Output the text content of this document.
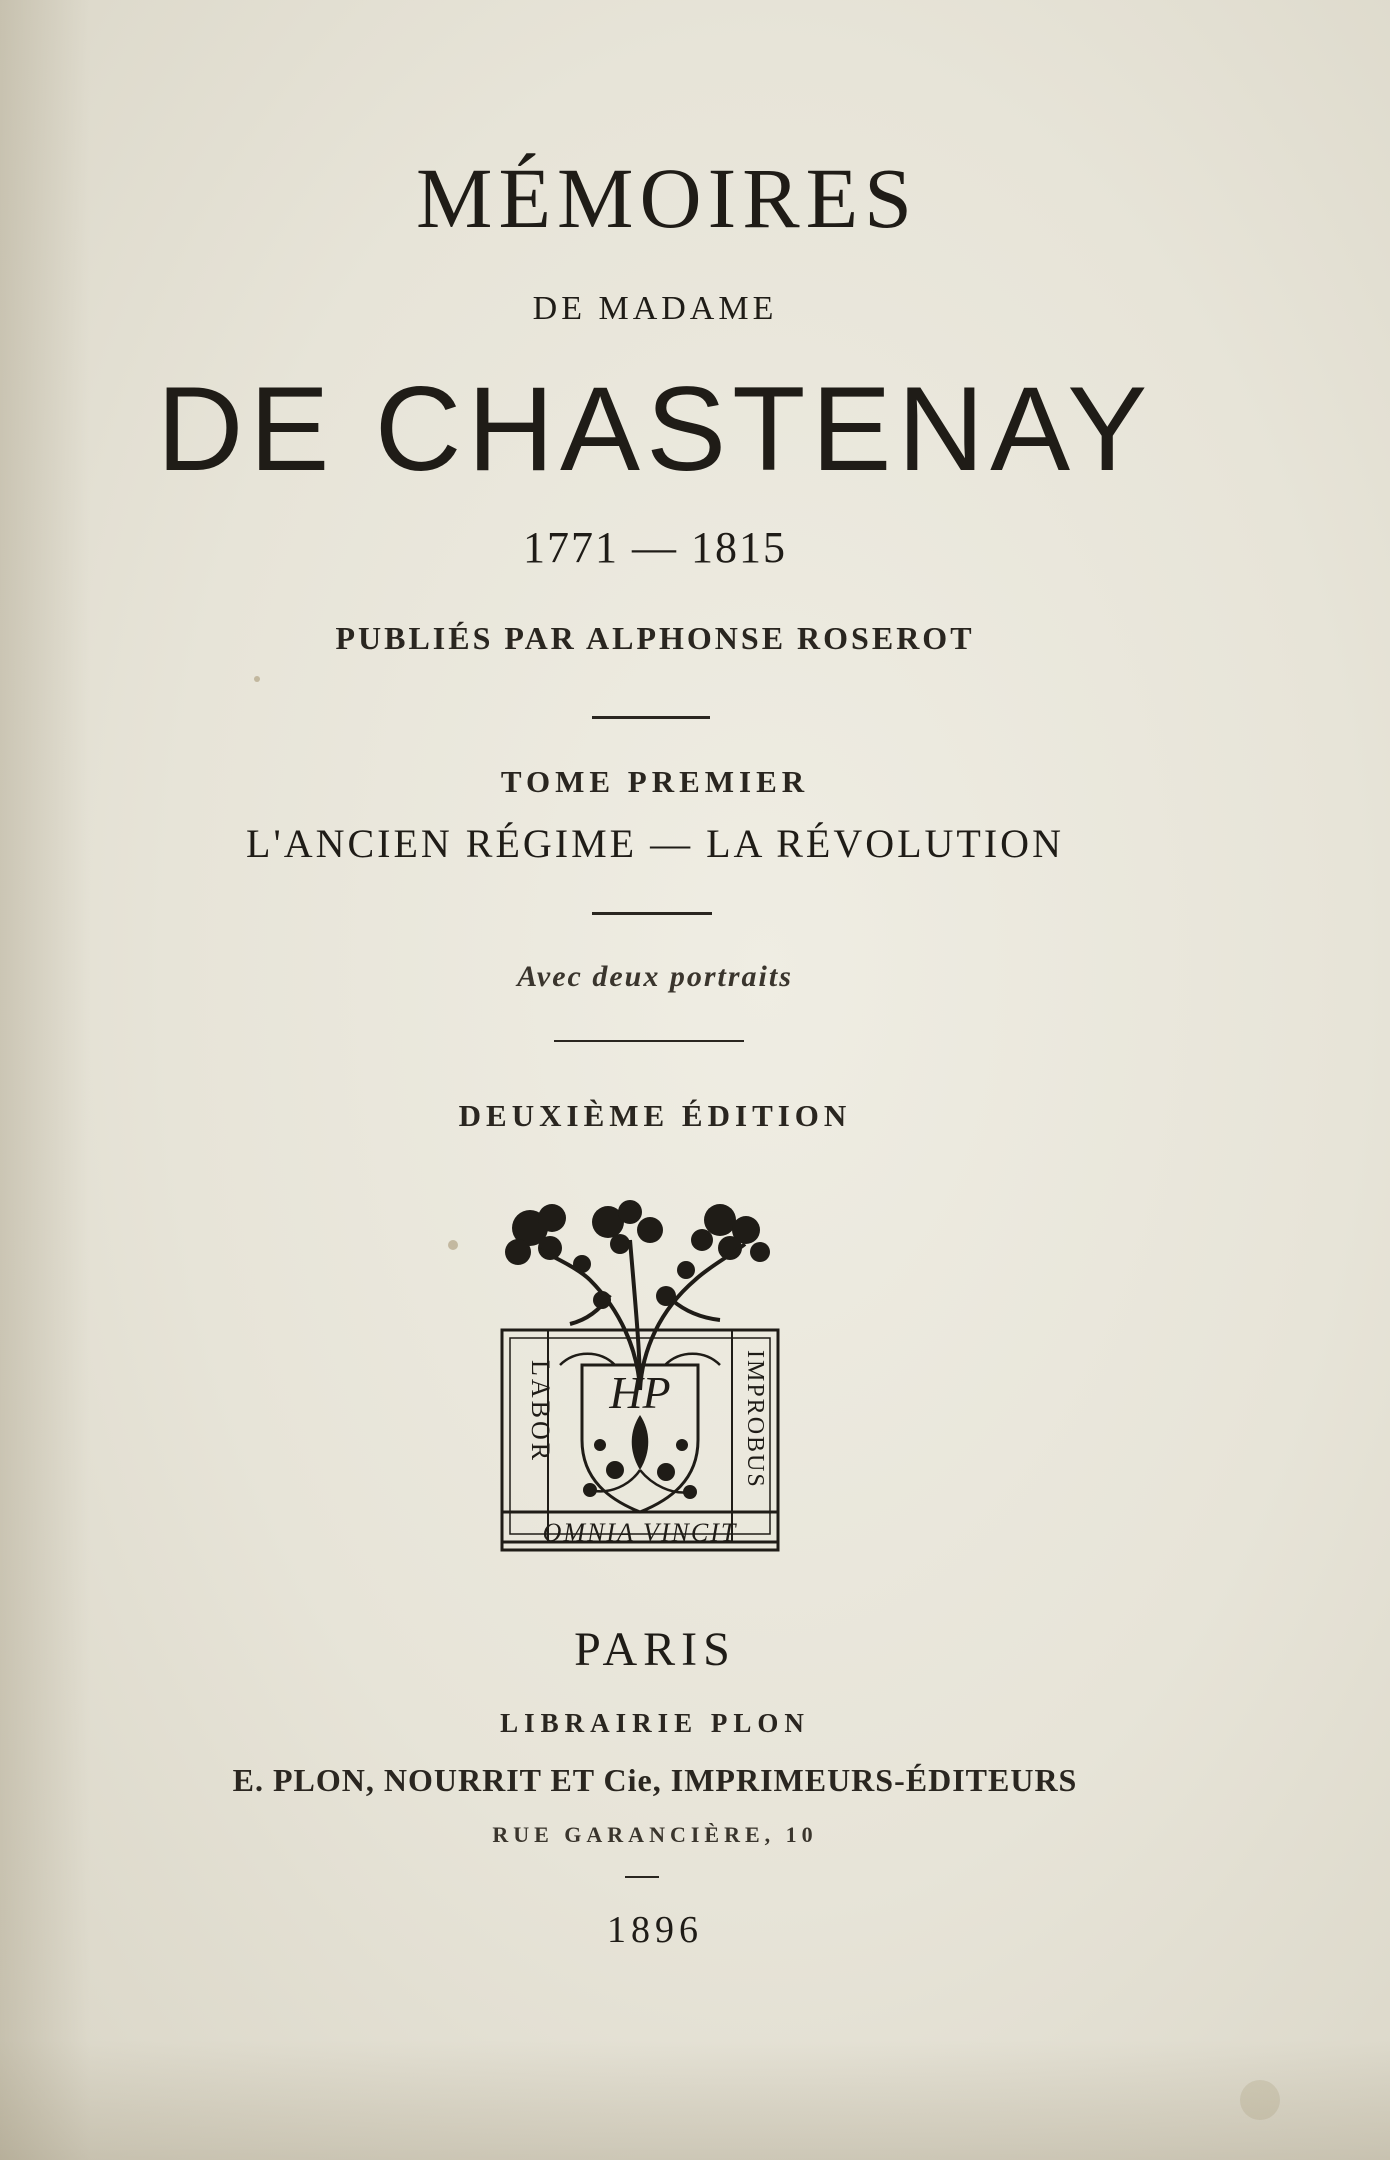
MÉMOIRES
DE MADAME
DE CHASTENAY
1771 — 1815
PUBLIÉS PAR ALPHONSE ROSEROT
TOME PREMIER
L'ANCIEN RÉGIME — LA RÉVOLUTION
Avec deux portraits
DEUXIÈME ÉDITION
HP
LABOR	IMPROBUS
OMNIA VINCIT
PARIS
LIBRAIRIE PLON
E. PLON, NOURRIT ET Cie, IMPRIMEURS-ÉDITEURS
RUE GARANCIÈRE, 10
1896
